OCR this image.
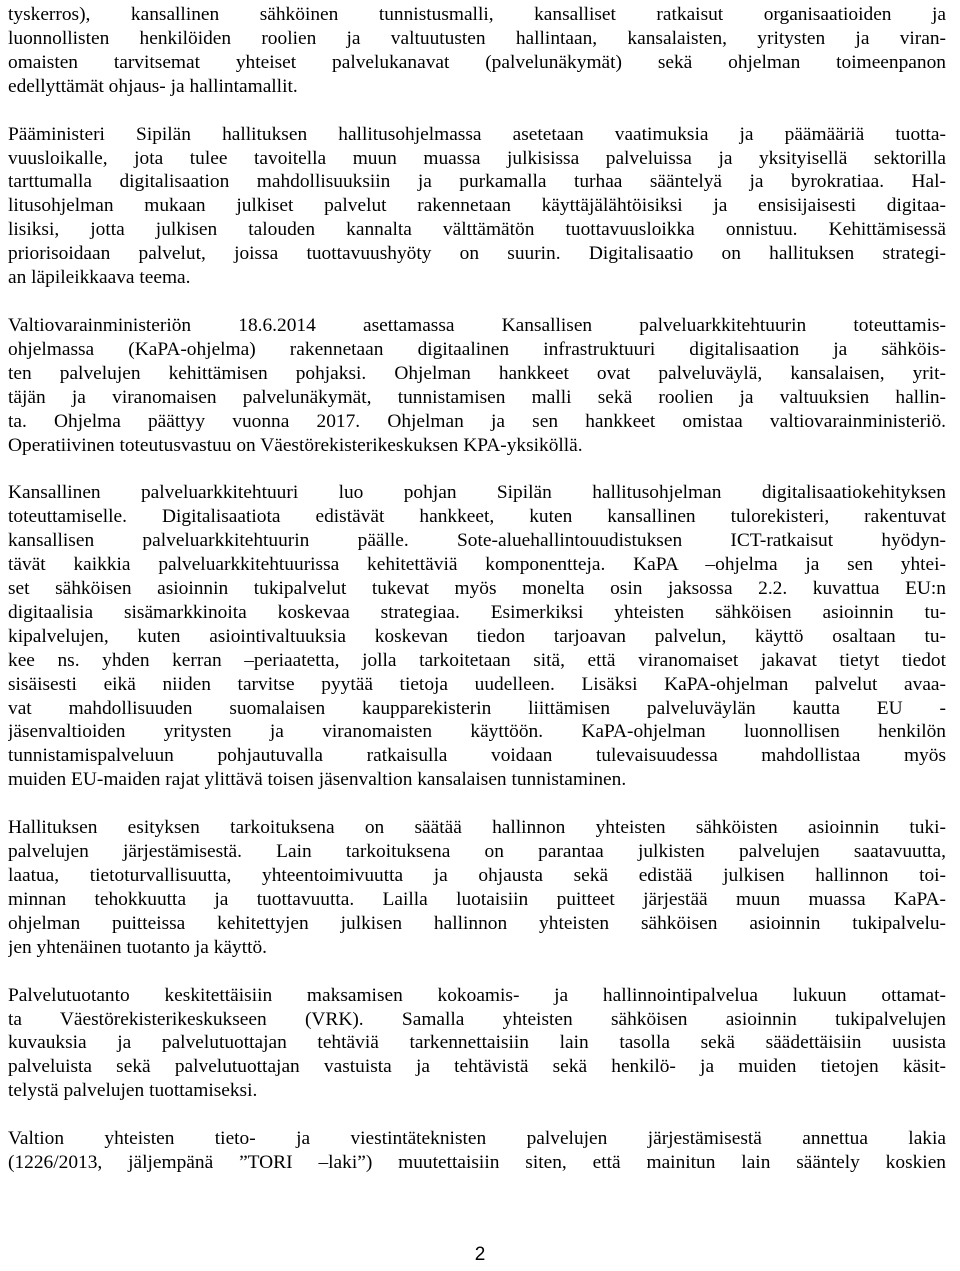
tyskerros), kansallinen sähköinen tunnistusmalli, kansalliset ratkaisut organisaatioiden ja
luonnollisten henkilöiden roolien ja valtuutusten hallintaan, kansalaisten, yritysten ja viran-
omaisten tarvitsemat yhteiset palvelukanavat (palvelunäkymät) sekä ohjelman toimeenpanon
edellyttämät ohjaus- ja hallintamallit.
Pääministeri Sipilän hallituksen hallitusohjelmassa asetetaan vaatimuksia ja päämääriä tuotta-
vuusloikalle, jota tulee tavoitella muun muassa julkisissa palveluissa ja yksityisellä sektorilla
tarttumalla digitalisaation mahdollisuuksiin ja purkamalla turhaa sääntelyä ja byrokratiaa. Hal-
litusohjelman mukaan julkiset palvelut rakennetaan käyttäjälähtöisiksi ja ensisijaisesti digitaa-
lisiksi, jotta julkisen talouden kannalta välttämätön tuottavuusloikka onnistuu. Kehittämisessä
priorisoidaan palvelut, joissa tuottavuushyöty on suurin. Digitalisaatio on hallituksen strategi-
an läpileikkaava teema.
Valtiovarainministeriön 18.6.2014 asettamassa Kansallisen palveluarkkitehtuurin toteuttamis-
ohjelmassa (KaPA-ohjelma) rakennetaan digitaalinen infrastruktuuri digitalisaation ja sähköis-
ten palvelujen kehittämisen pohjaksi. Ohjelman hankkeet ovat palveluväylä, kansalaisen, yrit-
täjän ja viranomaisen palvelunäkymät, tunnistamisen malli sekä roolien ja valtuuksien hallin-
ta. Ohjelma päättyy vuonna 2017. Ohjelman ja sen hankkeet omistaa valtiovarainministeriö.
Operatiivinen toteutusvastuu on Väestörekisterikeskuksen KPA-yksiköllä.
Kansallinen palveluarkkitehtuuri luo pohjan Sipilän hallitusohjelman digitalisaatiokehityksen
toteuttamiselle. Digitalisaatiota edistävät hankkeet, kuten kansallinen tulorekisteri, rakentuvat
kansallisen palveluarkkitehtuurin päälle. Sote-aluehallintouudistuksen ICT-ratkaisut hyödyn-
tävät kaikkia palveluarkkitehtuurissa kehitettäviä komponentteja. KaPA –ohjelma ja sen yhtei-
set sähköisen asioinnin tukipalvelut tukevat myös monelta osin jaksossa 2.2. kuvattua EU:n
digitaalisia sisämarkkinoita koskevaa strategiaa. Esimerkiksi yhteisten sähköisen asioinnin tu-
kipalvelujen, kuten asiointivaltuuksia koskevan tiedon tarjoavan palvelun, käyttö osaltaan tu-
kee ns. yhden kerran –periaatetta, jolla tarkoitetaan sitä, että viranomaiset jakavat tietyt tiedot
sisäisesti eikä niiden tarvitse pyytää tietoja uudelleen. Lisäksi KaPA-ohjelman palvelut avaa-
vat mahdollisuuden suomalaisen kaupparekisterin liittämisen palveluväylän kautta EU -
jäsenvaltioiden yritysten ja viranomaisten käyttöön. KaPA-ohjelman luonnollisen henkilön
tunnistamispalveluun pohjautuvalla ratkaisulla voidaan tulevaisuudessa mahdollistaa myös
muiden EU-maiden rajat ylittävä toisen jäsenvaltion kansalaisen tunnistaminen.
Hallituksen esityksen tarkoituksena on säätää hallinnon yhteisten sähköisten asioinnin tuki-
palvelujen järjestämisestä. Lain tarkoituksena on parantaa julkisten palvelujen saatavuutta,
laatua, tietoturvallisuutta, yhteentoimivuutta ja ohjausta sekä edistää julkisen hallinnon toi-
minnan tehokkuutta ja tuottavuutta. Lailla luotaisiin puitteet järjestää muun muassa KaPA-
ohjelman puitteissa kehitettyjen julkisen hallinnon yhteisten sähköisen asioinnin tukipalvelu-
jen yhtenäinen tuotanto ja käyttö.
Palvelutuotanto keskitettäisiin maksamisen kokoamis- ja hallinnointipalvelua lukuun ottamat-
ta Väestörekisterikeskukseen (VRK). Samalla yhteisten sähköisen asioinnin tukipalvelujen
kuvauksia ja palvelutuottajan tehtäviä tarkennettaisiin lain tasolla sekä säädettäisiin uusista
palveluista sekä palvelutuottajan vastuista ja tehtävistä sekä henkilö- ja muiden tietojen käsit-
telystä palvelujen tuottamiseksi.
Valtion yhteisten tieto- ja viestintäteknisten palvelujen järjestämisestä annettua lakia
(1226/2013, jäljempänä ”TORI –laki”) muutettaisiin siten, että mainitun lain sääntely koskien
2
